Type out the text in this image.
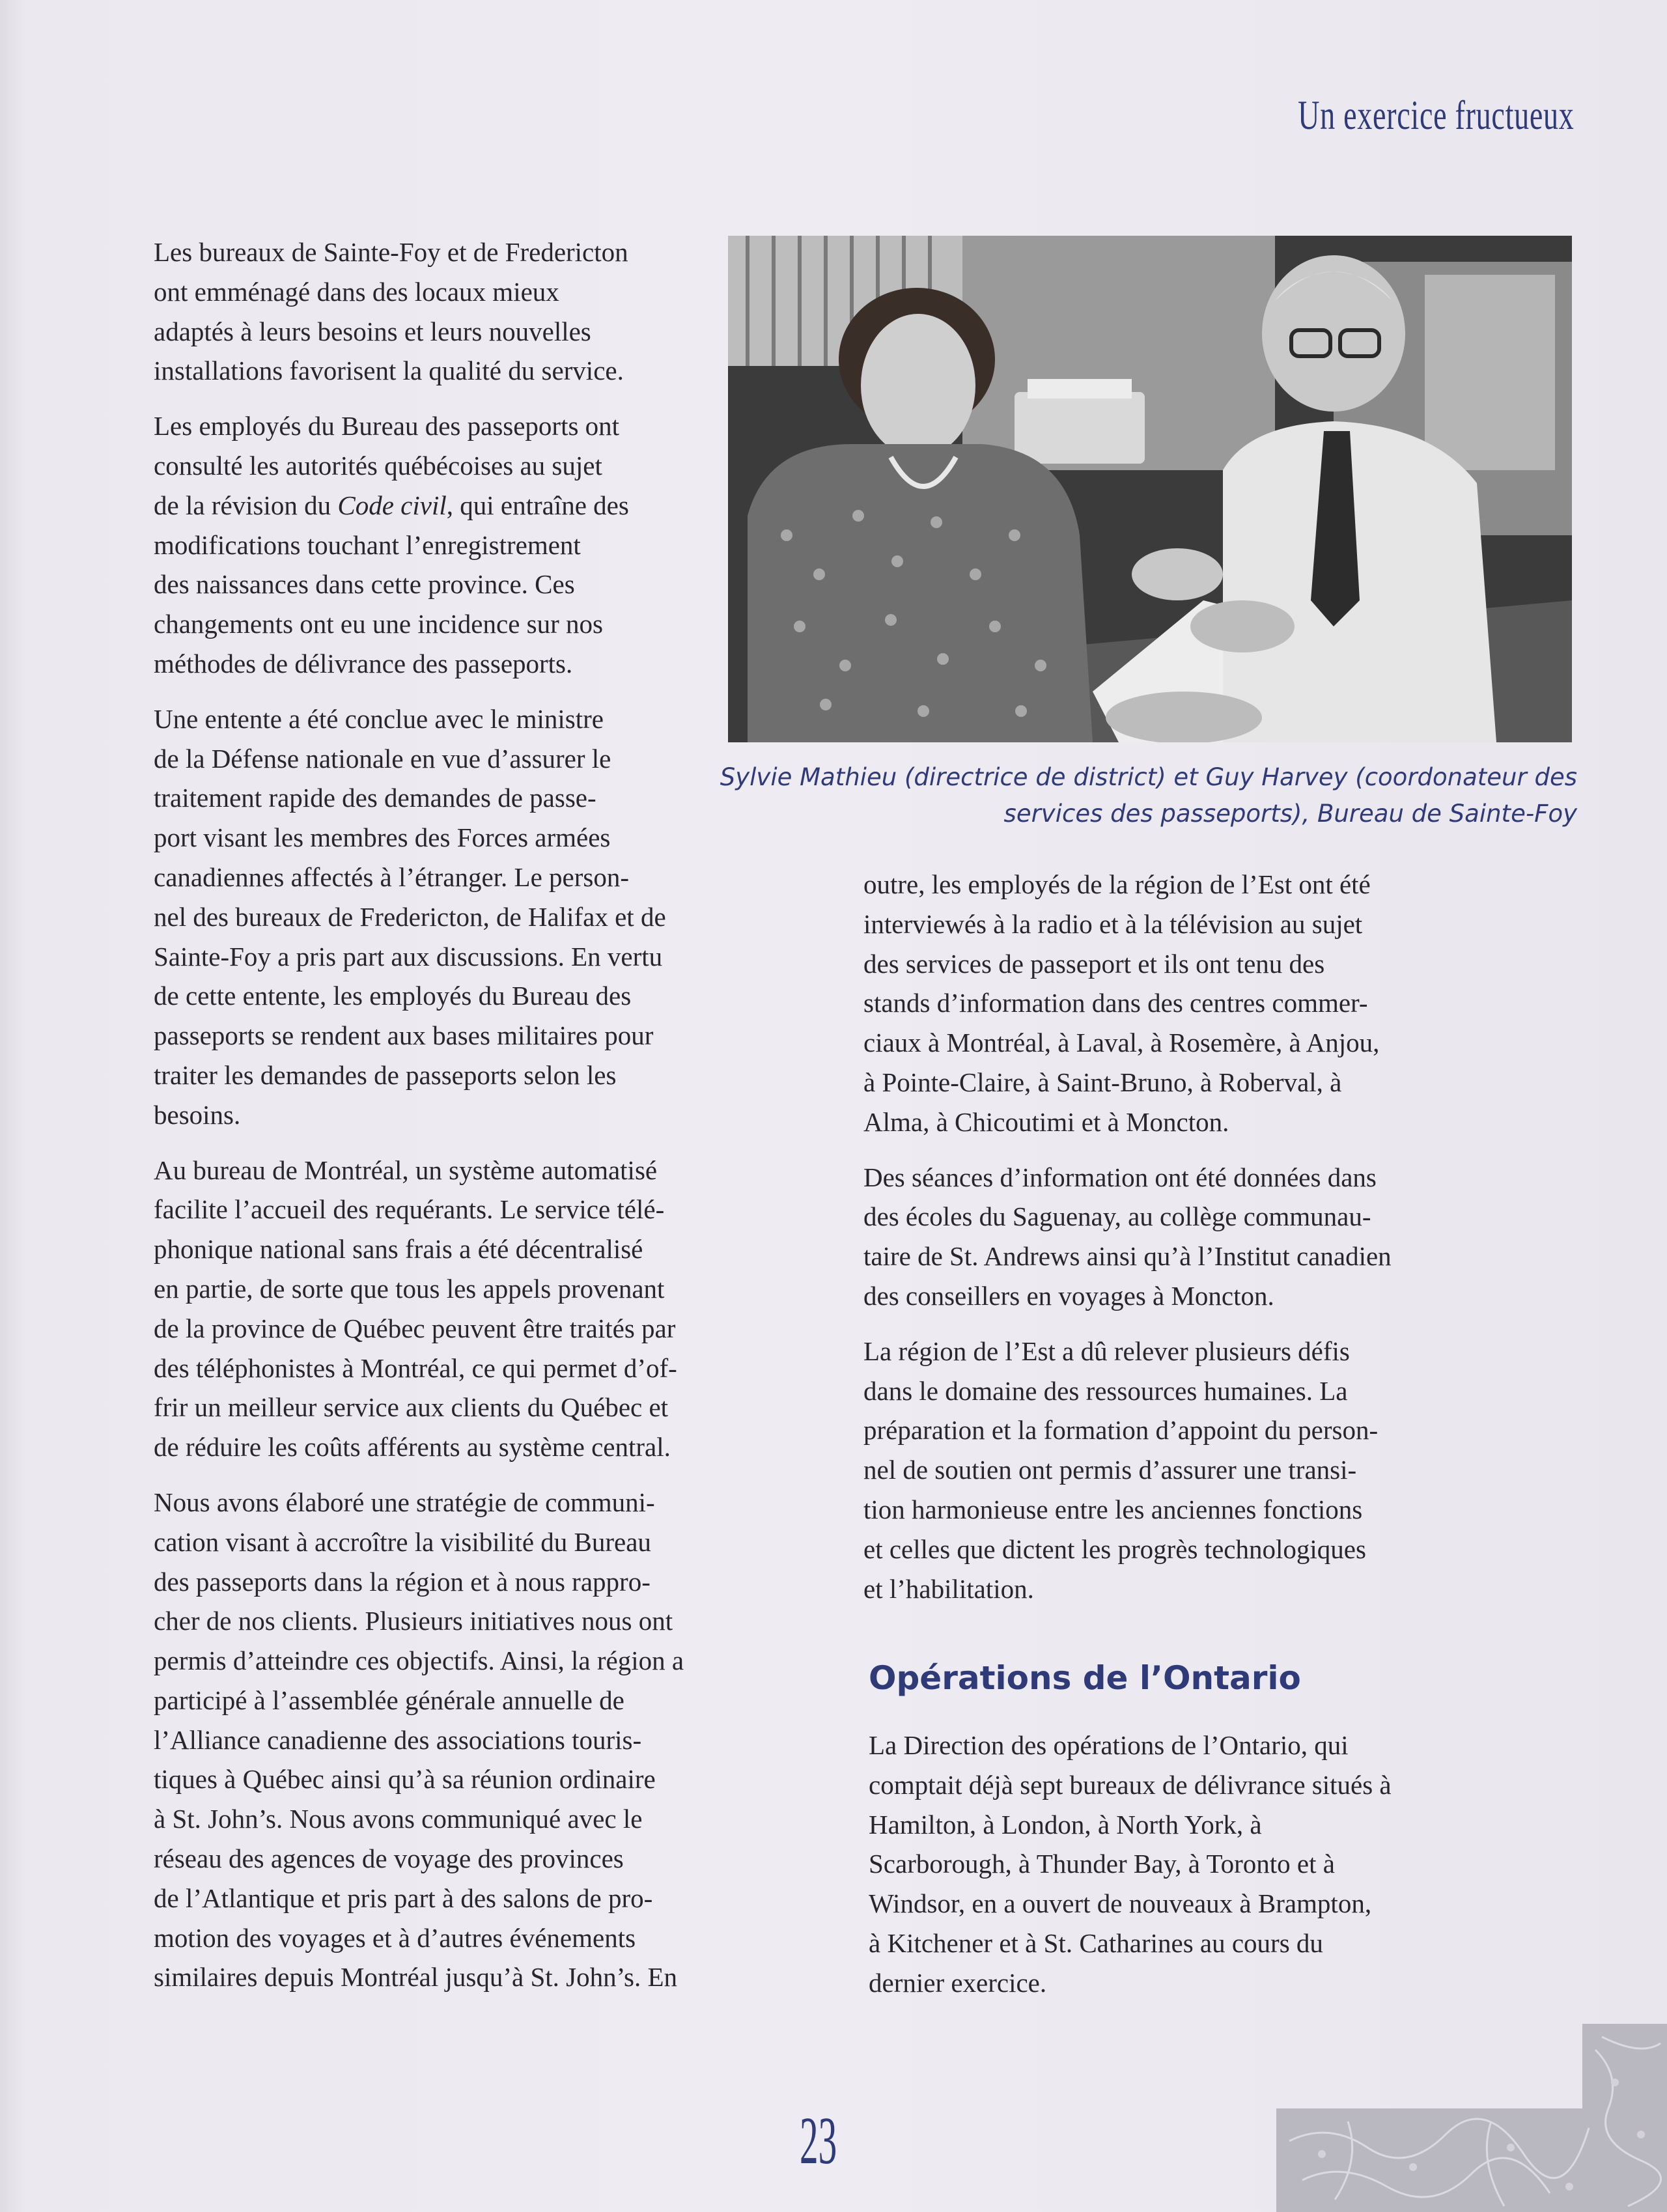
Un exercice fructueux

Les bureaux de Sainte-Foy et de Fredericton
ont emménagé dans des locaux mieux
adaptés à leurs besoins et leurs nouvelles
installations favorisent la qualité du service.

Les employés du Bureau des passeports ont
consulté les autorités québécoises au sujet
de la révision du Code civil, qui entraîne des
modifications touchant l’enregistrement
des naissances dans cette province. Ces
changements ont eu une incidence sur nos
méthodes de délivrance des passeports.

Une entente a été conclue avec le ministre
de la Défense nationale en vue d’assurer le
traitement rapide des demandes de passe-
port visant les membres des Forces armées
canadiennes affectés à l’étranger. Le person-
nel des bureaux de Fredericton, de Halifax et de
Sainte-Foy a pris part aux discussions. En vertu
de cette entente, les employés du Bureau des
passeports se rendent aux bases militaires pour
traiter les demandes de passeports selon les
besoins.

Au bureau de Montréal, un système automatisé
facilite l’accueil des requérants. Le service télé-
phonique national sans frais a été décentralisé
en partie, de sorte que tous les appels provenant
de la province de Québec peuvent être traités par
des téléphonistes à Montréal, ce qui permet d’of-
frir un meilleur service aux clients du Québec et
de réduire les coûts afférents au système central.

Nous avons élaboré une stratégie de communi-
cation visant à accroître la visibilité du Bureau
des passeports dans la région et à nous rappro-
cher de nos clients. Plusieurs initiatives nous ont
permis d’atteindre ces objectifs. Ainsi, la région a
participé à l’assemblée générale annuelle de
l’Alliance canadienne des associations touris-
tiques à Québec ainsi qu’à sa réunion ordinaire
à St. John’s. Nous avons communiqué avec le
réseau des agences de voyage des provinces
de l’Atlantique et pris part à des salons de pro-
motion des voyages et à d’autres événements
similaires depuis Montréal jusqu’à St. John’s. En

Sylvie Mathieu (directrice de district) et Guy Harvey (coordonateur des
services des passeports), Bureau de Sainte-Foy

outre, les employés de la région de l’Est ont été
interviewés à la radio et à la télévision au sujet
des services de passeport et ils ont tenu des
stands d’information dans des centres commer-
ciaux à Montréal, à Laval, à Rosemère, à Anjou,
à Pointe-Claire, à Saint-Bruno, à Roberval, à
Alma, à Chicoutimi et à Moncton.

Des séances d’information ont été données dans
des écoles du Saguenay, au collège communau-
taire de St. Andrews ainsi qu’à l’Institut canadien
des conseillers en voyages à Moncton.

La région de l’Est a dû relever plusieurs défis
dans le domaine des ressources humaines. La
préparation et la formation d’appoint du person-
nel de soutien ont permis d’assurer une transi-
tion harmonieuse entre les anciennes fonctions
et celles que dictent les progrès technologiques
et l’habilitation.

Opérations de l’Ontario

La Direction des opérations de l’Ontario, qui
comptait déjà sept bureaux de délivrance situés à
Hamilton, à London, à North York, à
Scarborough, à Thunder Bay, à Toronto et à
Windsor, en a ouvert de nouveaux à Brampton,
à Kitchener et à St. Catharines au cours du
dernier exercice.

23
